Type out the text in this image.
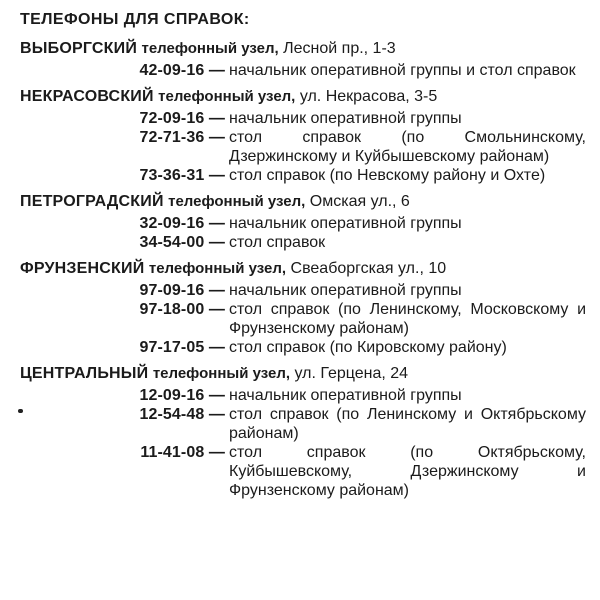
ТЕЛЕФОНЫ ДЛЯ СПРАВОК:
ВЫБОРГСКИЙ телефонный узел, Лесной пр., 1-3
42-09-16 — начальник оперативной группы и стол справок
НЕКРАСОВСКИЙ телефонный узел, ул. Некрасова, 3-5
72-09-16 — начальник оперативной группы
72-71-36 — стол справок (по Смольнинскому, Дзержинскому и Куйбышевскому районам)
73-36-31 — стол справок (по Невскому району и Охте)
ПЕТРОГРАДСКИЙ телефонный узел, Омская ул., 6
32-09-16 — начальник оперативной группы
34-54-00 — стол справок
ФРУНЗЕНСКИЙ телефонный узел, Свеаборгская ул., 10
97-09-16 — начальник оперативной группы
97-18-00 — стол справок (по Ленинскому, Московскому и Фрунзенскому районам)
97-17-05 — стол справок (по Кировскому району)
ЦЕНТРАЛЬНЫЙ телефонный узел, ул. Герцена, 24
12-09-16 — начальник оперативной группы
12-54-48 — стол справок (по Ленинскому и Октябрьскому районам)
11-41-08 — стол справок (по Октябрьскому, Куйбышевскому, Дзержинскому и Фрунзенскому районам)
